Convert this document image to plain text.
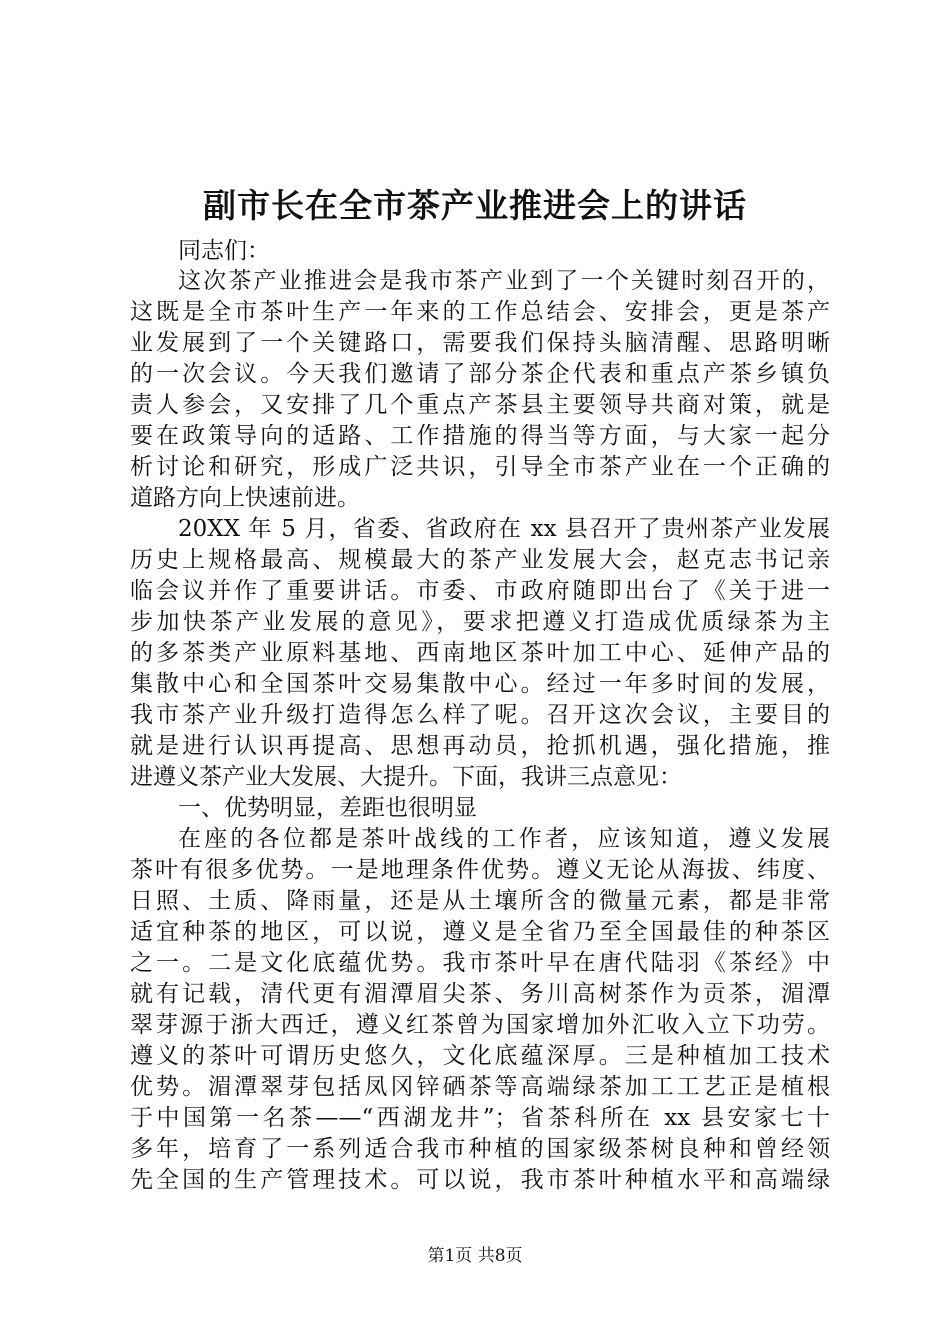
副市长在全市茶产业推进会上的讲话
同志们：
这次茶产业推进会是我市茶产业到了一个关键时刻召开的，
这既是全市茶叶生产一年来的工作总结会、安排会，更是茶产
业发展到了一个关键路口，需要我们保持头脑清醒、思路明晰
的一次会议。今天我们邀请了部分茶企代表和重点产茶乡镇负
责人参会，又安排了几个重点产茶县主要领导共商对策，就是
要在政策导向的适路、工作措施的得当等方面，与大家一起分
析讨论和研究，形成广泛共识，引导全市茶产业在一个正确的
道路方向上快速前进。
20XX 年 5 月，省委、省政府在 xx 县召开了贵州茶产业发展
历史上规格最高、规模最大的茶产业发展大会，赵克志书记亲
临会议并作了重要讲话。市委、市政府随即出台了《关于进一
步加快茶产业发展的意见》，要求把遵义打造成优质绿茶为主
的多茶类产业原料基地、西南地区茶叶加工中心、延伸产品的
集散中心和全国茶叶交易集散中心。经过一年多时间的发展，
我市茶产业升级打造得怎么样了呢。召开这次会议，主要目的
就是进行认识再提高、思想再动员，抢抓机遇，强化措施，推
进遵义茶产业大发展、大提升。下面，我讲三点意见：
一、优势明显，差距也很明显
在座的各位都是茶叶战线的工作者，应该知道，遵义发展
茶叶有很多优势。一是地理条件优势。遵义无论从海拔、纬度、
日照、土质、降雨量，还是从土壤所含的微量元素，都是非常
适宜种茶的地区，可以说，遵义是全省乃至全国最佳的种茶区
之一。二是文化底蕴优势。我市茶叶早在唐代陆羽《茶经》中
就有记载，清代更有湄潭眉尖茶、务川高树茶作为贡茶，湄潭
翠芽源于浙大西迁，遵义红茶曾为国家增加外汇收入立下功劳。
遵义的茶叶可谓历史悠久，文化底蕴深厚。三是种植加工技术
优势。湄潭翠芽包括凤冈锌硒茶等高端绿茶加工工艺正是植根
于中国第一名茶——“西湖龙井”；省茶科所在 xx 县安家七十
多年，培育了一系列适合我市种植的国家级茶树良种和曾经领
先全国的生产管理技术。可以说，我市茶叶种植水平和高端绿
第1页 共8页
